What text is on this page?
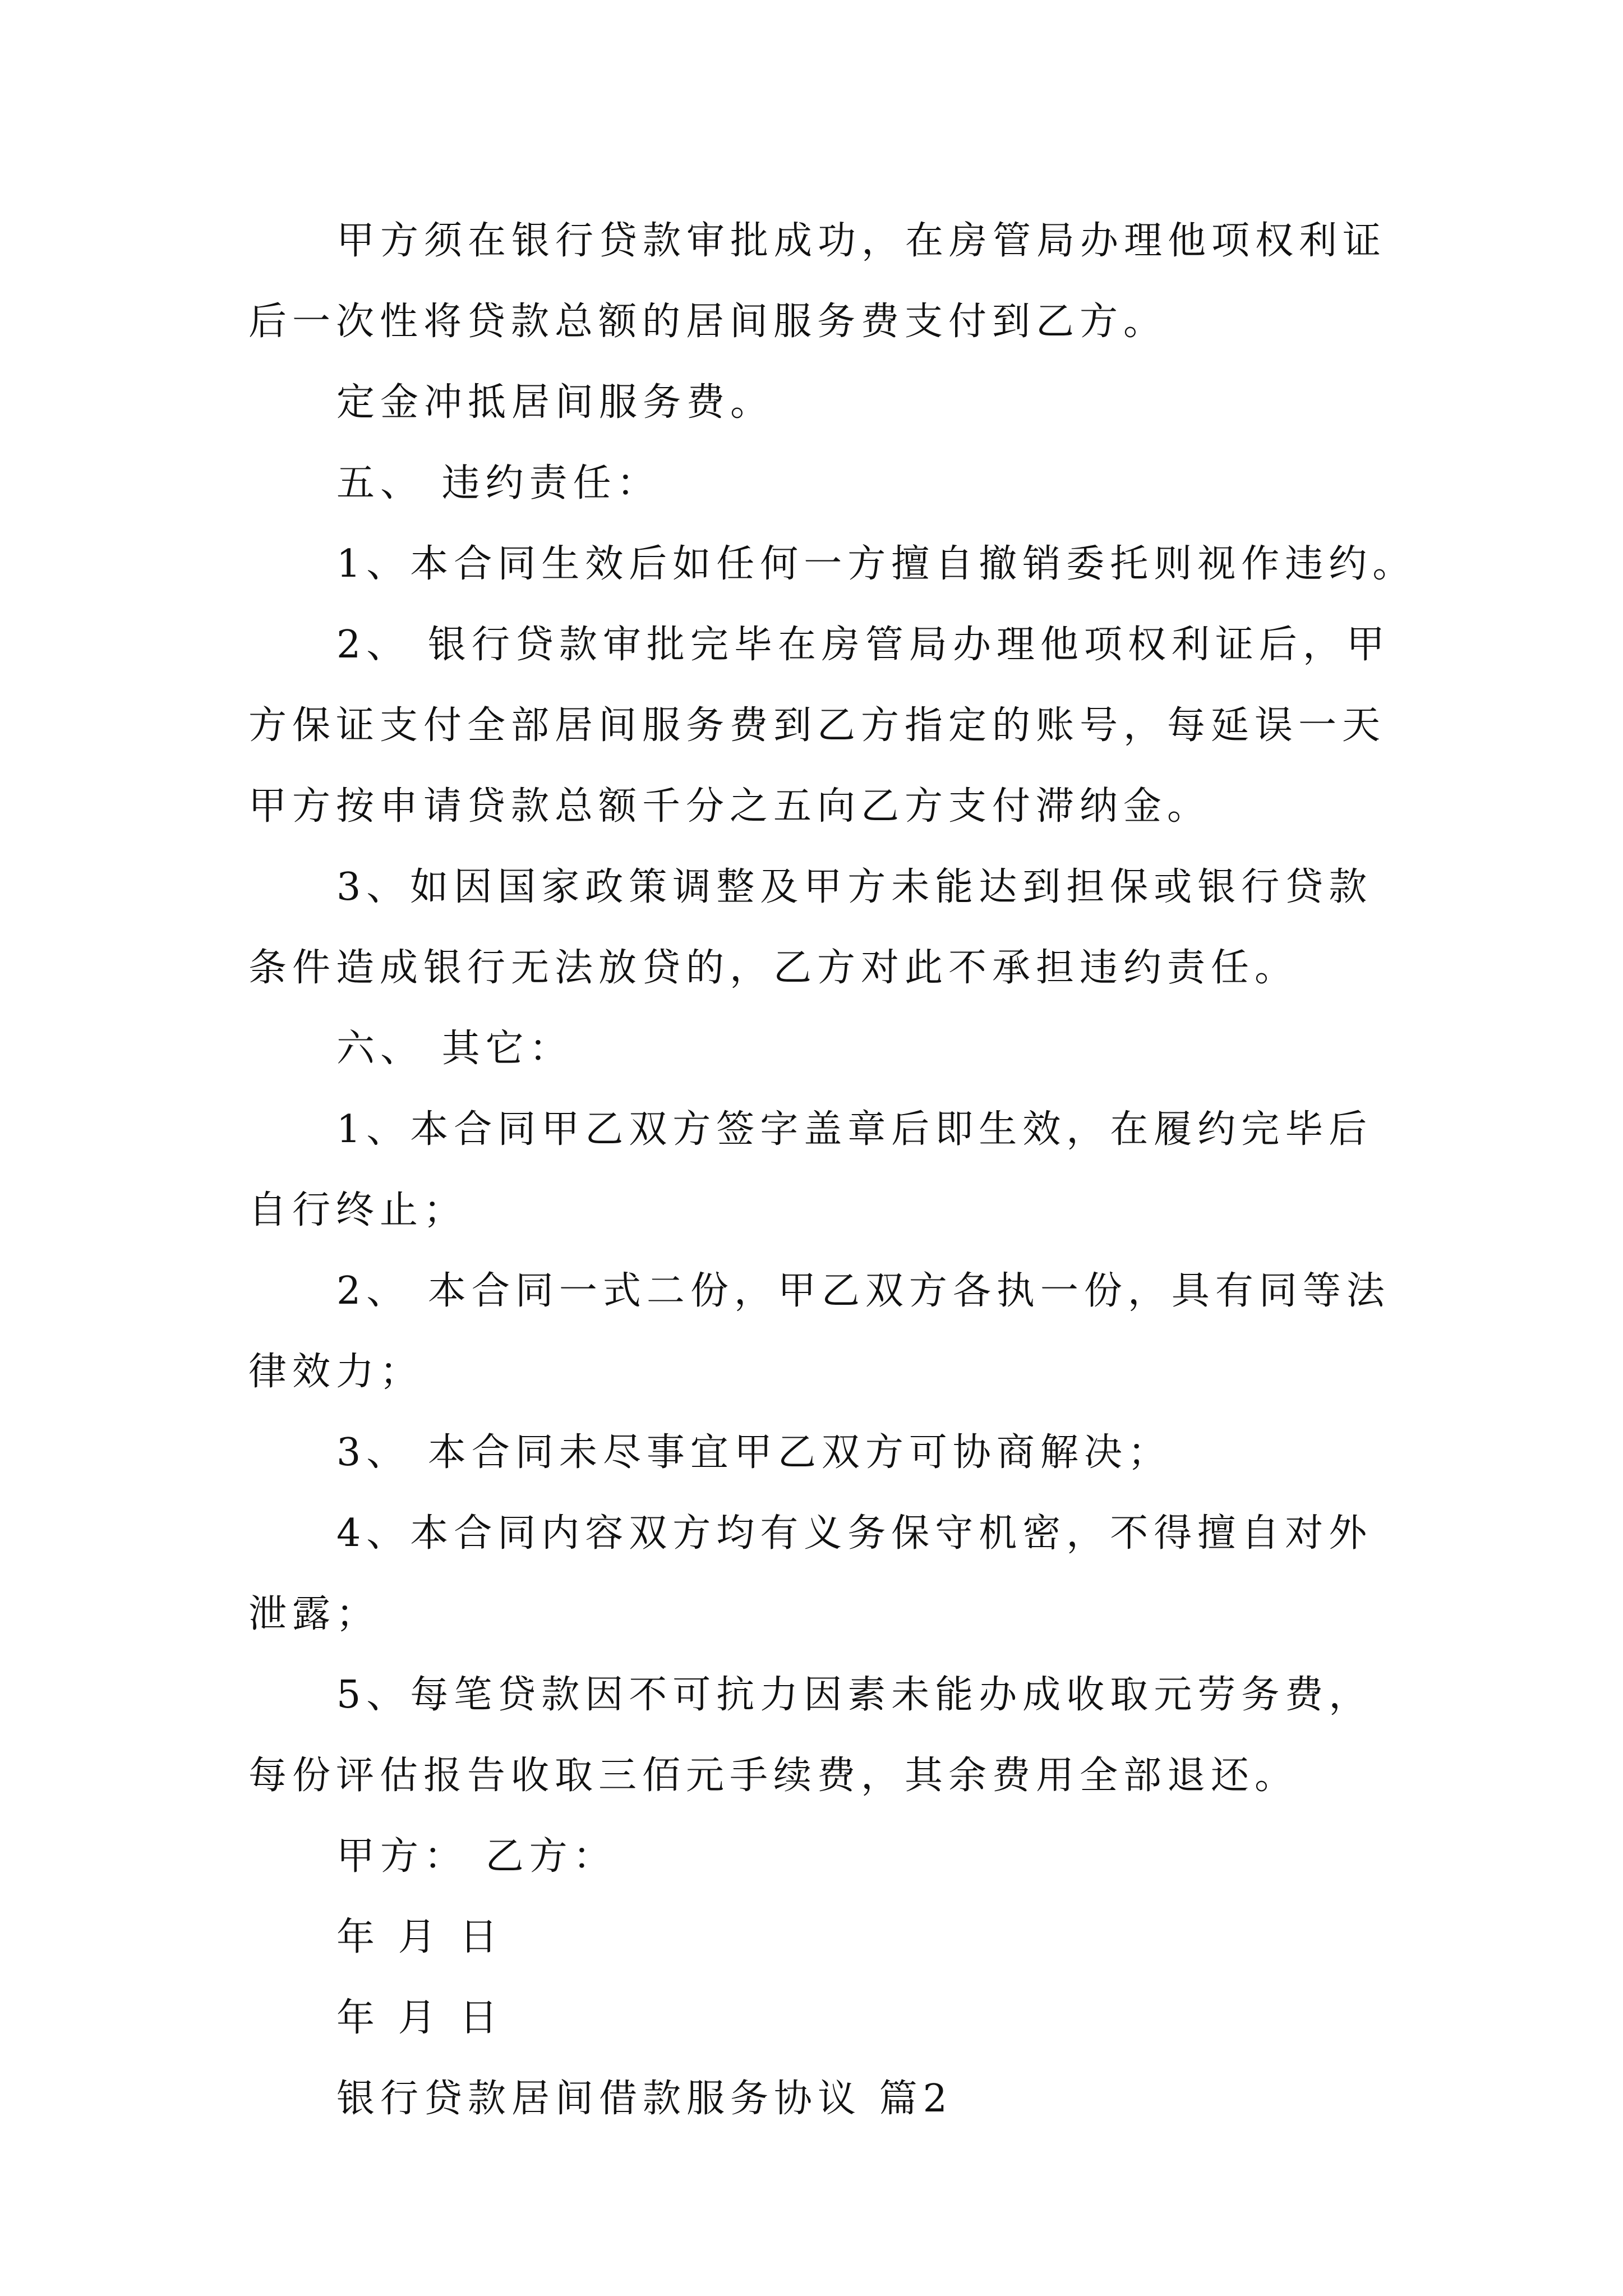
甲方须在银行贷款审批成功，在房管局办理他项权利证

后一次性将贷款总额的居间服务费支付到乙方。

定金冲抵居间服务费。

五、 违约责任：

1、本合同生效后如任何一方擅自撤销委托则视作违约。

2、 银行贷款审批完毕在房管局办理他项权利证后，甲

方保证支付全部居间服务费到乙方指定的账号，每延误一天

甲方按申请贷款总额千分之五向乙方支付滞纳金。

3、如因国家政策调整及甲方未能达到担保或银行贷款

条件造成银行无法放贷的，乙方对此不承担违约责任。

六、 其它：

1、本合同甲乙双方签字盖章后即生效，在履约完毕后

自行终止；

2、 本合同一式二份，甲乙双方各执一份，具有同等法

律效力；

3、 本合同未尽事宜甲乙双方可协商解决；

4、本合同内容双方均有义务保守机密，不得擅自对外

泄露；

5、每笔贷款因不可抗力因素未能办成收取元劳务费，

每份评估报告收取三佰元手续费，其余费用全部退还。

甲方： 乙方：

年 月 日

年 月 日

银行贷款居间借款服务协议 篇2
